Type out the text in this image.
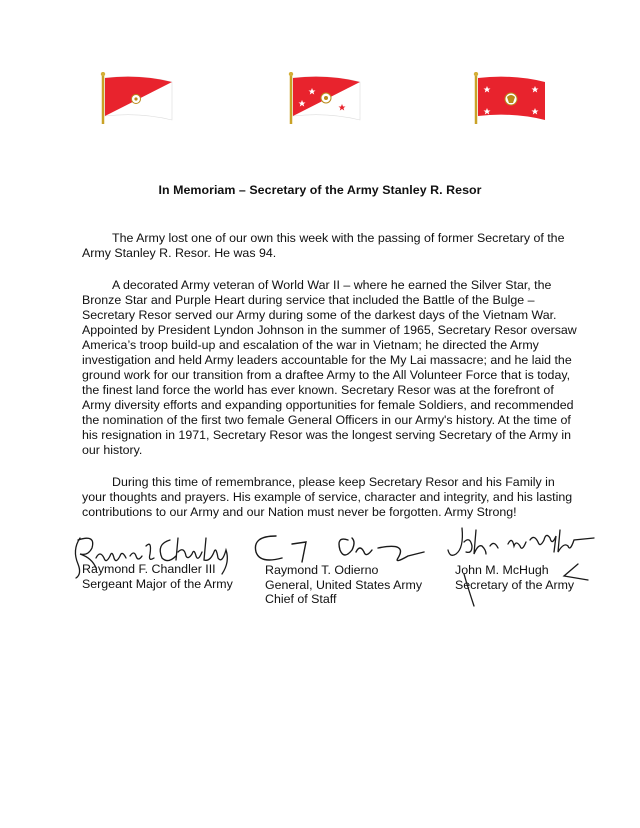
In Memoriam – Secretary of the Army Stanley R. Resor

The Army lost one of our own this week with the passing of former Secretary of the Army Stanley R. Resor. He was 94.

A decorated Army veteran of World War II – where he earned the Silver Star, the Bronze Star and Purple Heart during service that included the Battle of the Bulge – Secretary Resor served our Army during some of the darkest days of the Vietnam War. Appointed by President Lyndon Johnson in the summer of 1965, Secretary Resor oversaw America’s troop build-up and escalation of the war in Vietnam; he directed the Army investigation and held Army leaders accountable for the My Lai massacre; and he laid the ground work for our transition from a draftee Army to the All Volunteer Force that is today, the finest land force the world has ever known. Secretary Resor was at the forefront of Army diversity efforts and expanding opportunities for female Soldiers, and recommended the nomination of the first two female General Officers in our Army's history. At the time of his resignation in 1971, Secretary Resor was the longest serving Secretary of the Army in our history.

During this time of remembrance, please keep Secretary Resor and his Family in your thoughts and prayers. His example of service, character and integrity, and his lasting contributions to our Army and our Nation must never be forgotten. Army Strong!

Raymond F. Chandler III
Sergeant Major of the Army
Raymond T. Odierno
General, United States Army
Chief of Staff
John M. McHugh
Secretary of the Army
